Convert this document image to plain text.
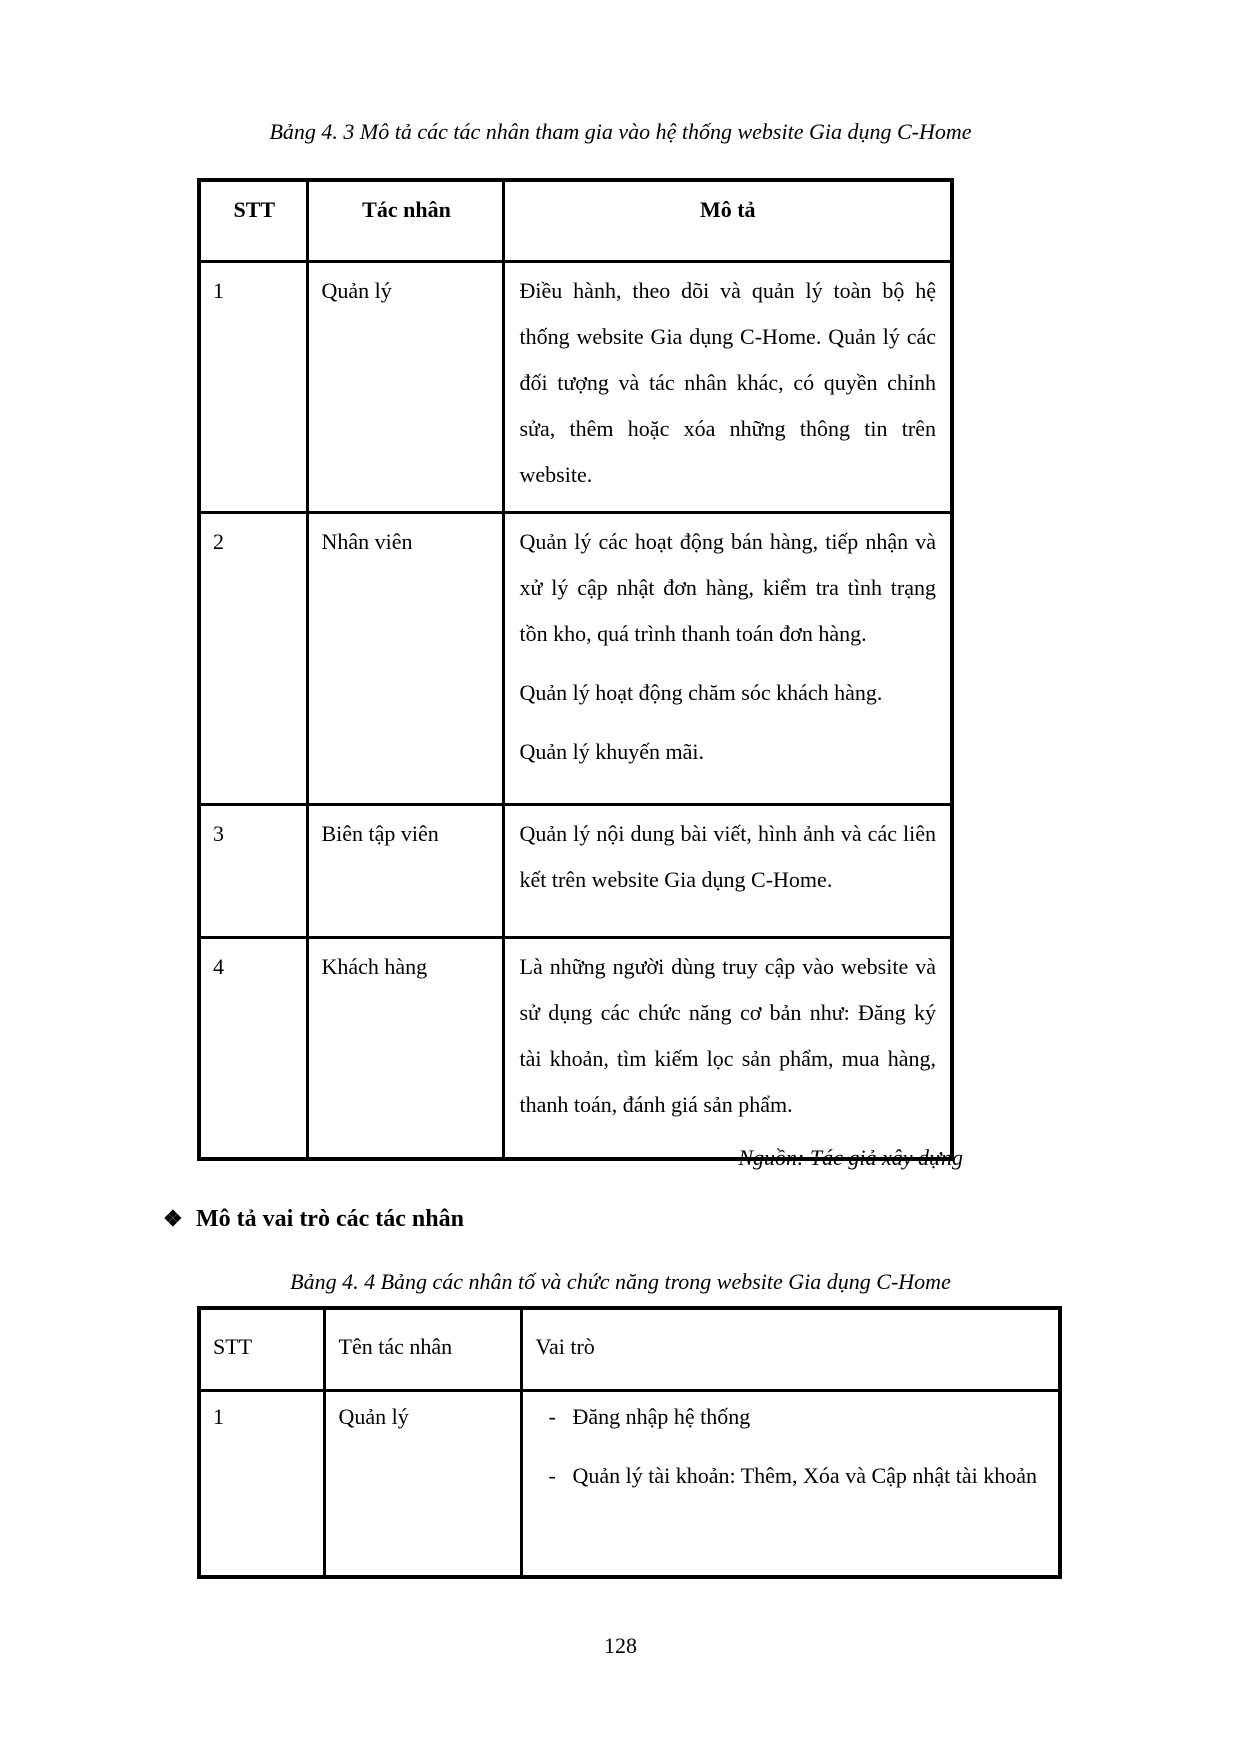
Bảng 4. 3 Mô tả các tác nhân tham gia vào hệ thống website Gia dụng C-Home
STT	Tác nhân	Mô tả
1	Quản lý	Điều hành, theo dõi và quản lý toàn bộ hệ thống website Gia dụng C-Home. Quản lý các đối tượng và tác nhân khác, có quyền chỉnh sửa, thêm hoặc xóa những thông tin trên website.

2	Nhân viên	Quản lý các hoạt động bán hàng, tiếp nhận và xử lý cập nhật đơn hàng, kiểm tra tình trạng tồn kho, quá trình thanh toán đơn hàng.

Quản lý hoạt động chăm sóc khách hàng.

Quản lý khuyến mãi.

3	Biên tập viên	Quản lý nội dung bài viết, hình ảnh và các liên kết trên website Gia dụng C-Home.

4	Khách hàng	Là những người dùng truy cập vào website và sử dụng các chức năng cơ bản như: Đăng ký tài khoản, tìm kiếm lọc sản phẩm, mua hàng, thanh toán, đánh giá sản phẩm.

Nguồn: Tác giả xây dựng
❖ Mô tả vai trò các tác nhân
Bảng 4. 4 Bảng các nhân tố và chức năng trong website Gia dụng C-Home
STT	Tên tác nhân	Vai trò
1	Quản lý	- Đăng nhập hệ thống
- Quản lý tài khoản: Thêm, Xóa và Cập nhật tài khoản
128
